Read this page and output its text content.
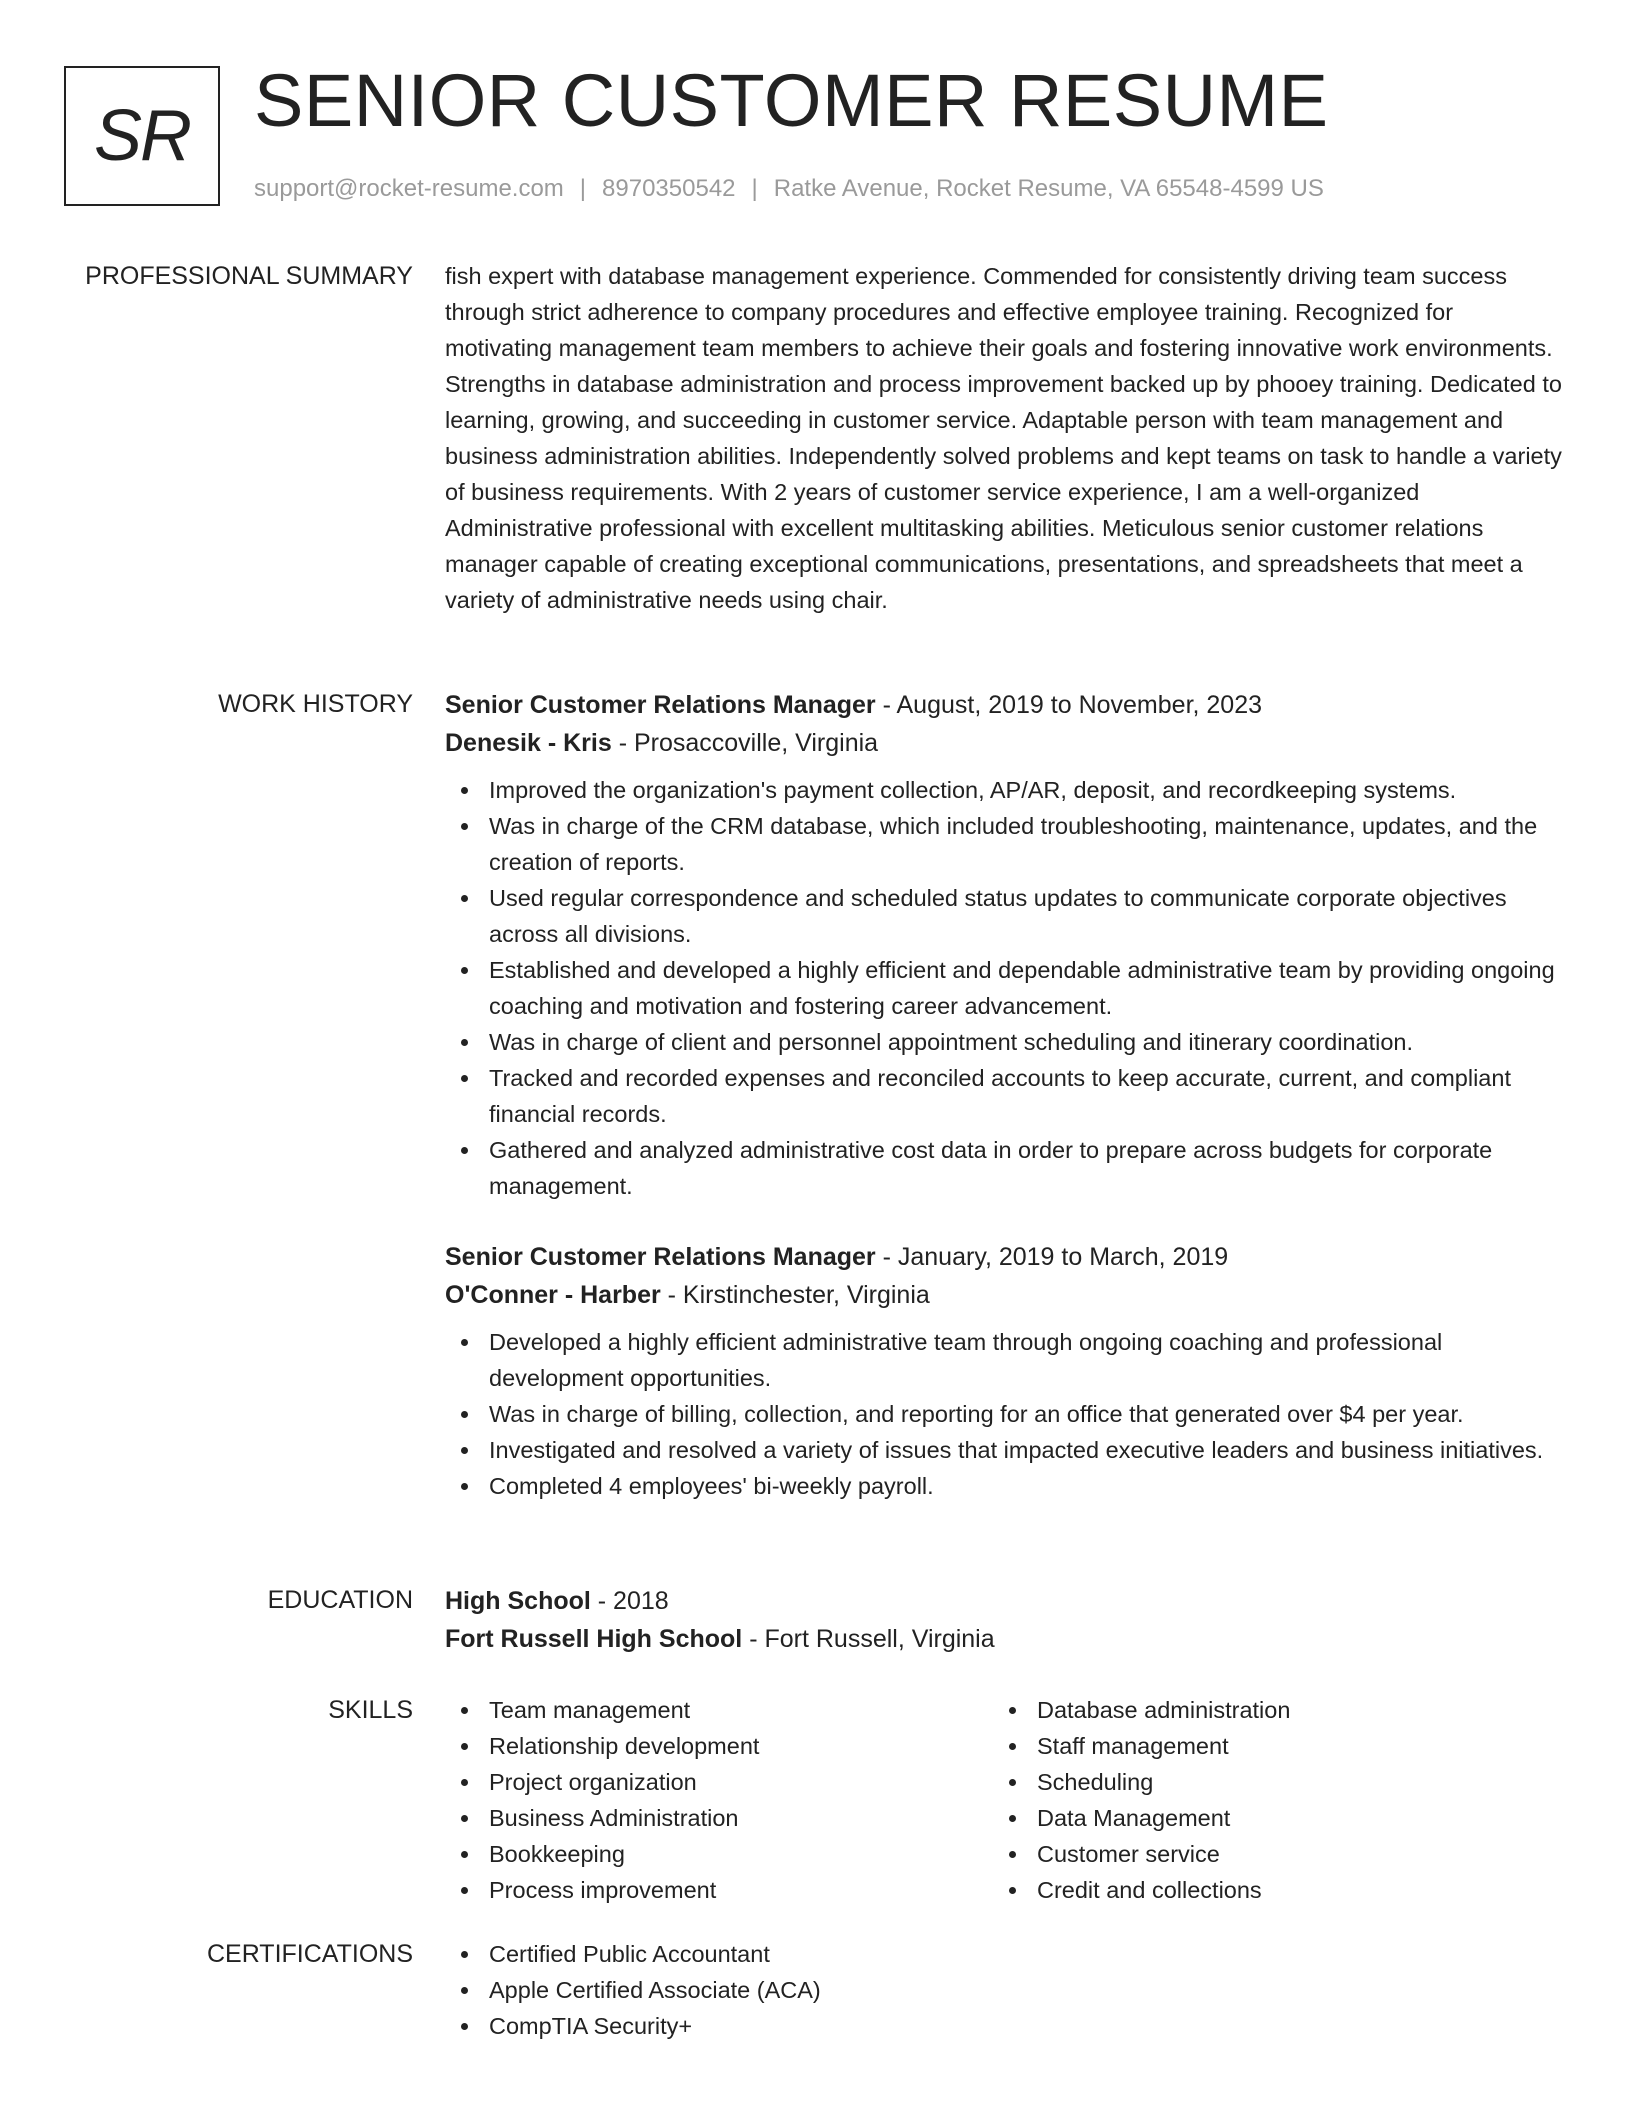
SR SENIOR CUSTOMER RESUME
support@rocket-resume.com | 8970350542 | Ratke Avenue, Rocket Resume, VA 65548-4599 US
PROFESSIONAL SUMMARY fish expert with database management experience. Commended for consistently driving team success through strict adherence to company procedures and effective employee training. Recognized for motivating management team members to achieve their goals and fostering innovative work environments. Strengths in database administration and process improvement backed up by phooey training. Dedicated to learning, growing, and succeeding in customer service. Adaptable person with team management and business administration abilities. Independently solved problems and kept teams on task to handle a variety of business requirements. With 2 years of customer service experience, I am a well-organized Administrative professional with excellent multitasking abilities. Meticulous senior customer relations manager capable of creating exceptional communications, presentations, and spreadsheets that meet a variety of administrative needs using chair.

WORK HISTORY Senior Customer Relations Manager - August, 2019 to November, 2023
Denesik - Kris - Prosaccoville, Virginia
Improved the organization's payment collection, AP/AR, deposit, and recordkeeping systems.
Was in charge of the CRM database, which included troubleshooting, maintenance, updates, and the creation of reports.
Used regular correspondence and scheduled status updates to communicate corporate objectives across all divisions.
Established and developed a highly efficient and dependable administrative team by providing ongoing coaching and motivation and fostering career advancement.
Was in charge of client and personnel appointment scheduling and itinerary coordination.
Tracked and recorded expenses and reconciled accounts to keep accurate, current, and compliant financial records.
Gathered and analyzed administrative cost data in order to prepare across budgets for corporate management.
Senior Customer Relations Manager - January, 2019 to March, 2019
O'Conner - Harber - Kirstinchester, Virginia
Developed a highly efficient administrative team through ongoing coaching and professional development opportunities.
Was in charge of billing, collection, and reporting for an office that generated over $4 per year.
Investigated and resolved a variety of issues that impacted executive leaders and business initiatives.
Completed 4 employees' bi-weekly payroll.
EDUCATION High School - 2018
Fort Russell High School - Fort Russell, Virginia
SKILLS	Team management
Relationship development
Project organization
Business Administration
Bookkeeping
Process improvement
Database administration
Staff management
Scheduling
Data Management
Customer service
Credit and collections
CERTIFICATIONS	Certified Public Accountant
Apple Certified Associate (ACA)
CompTIA Security+
